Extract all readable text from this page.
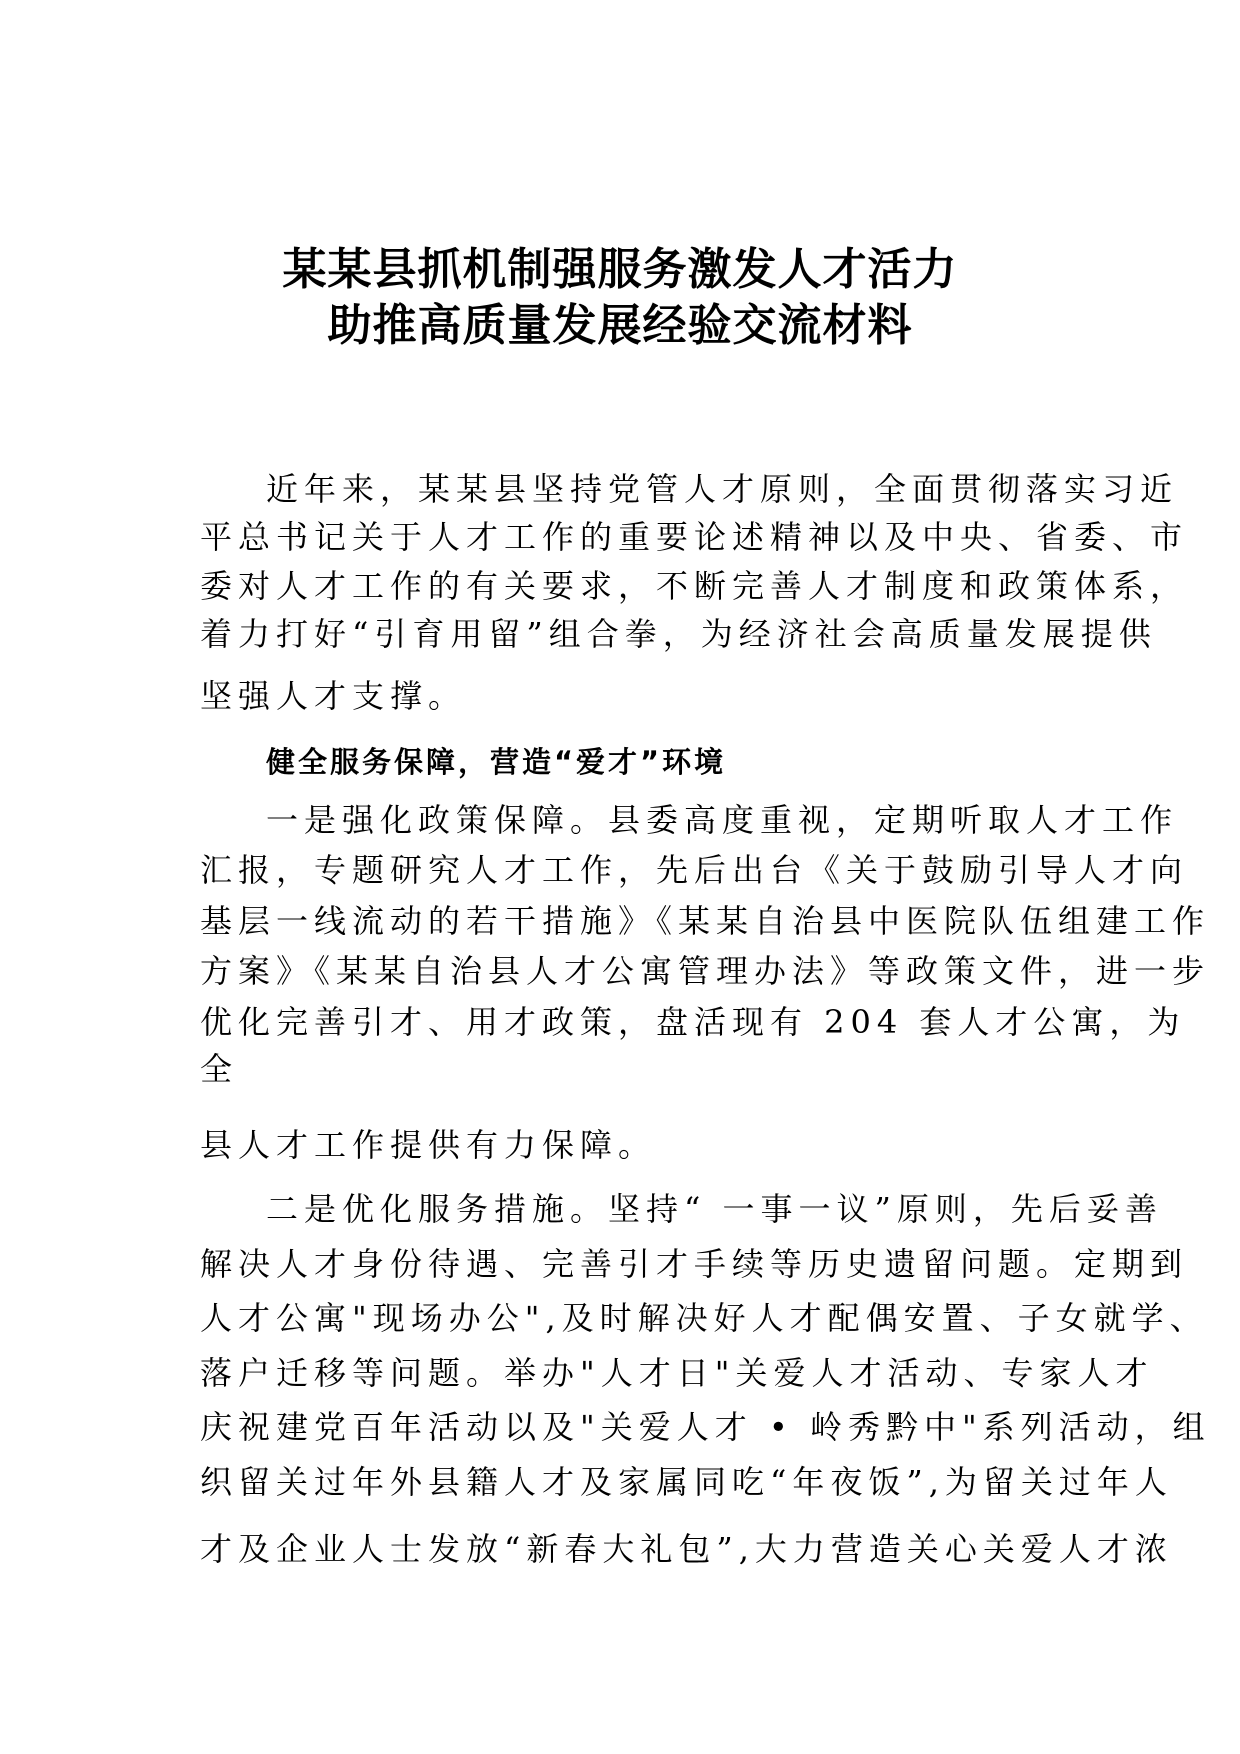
某某县抓机制强服务激发人才活力
助推高质量发展经验交流材料
近年来，某某县坚持党管人才原则，全面贯彻落实习近
平总书记关于人才工作的重要论述精神以及中央、省委、市
委对人才工作的有关要求，不断完善人才制度和政策体系，
着力打好“引育用留”组合拳，为经济社会高质量发展提供
坚强人才支撑。
健全服务保障，营造“爱才”环境
一是强化政策保障。县委高度重视，定期听取人才工作
汇报，专题研究人才工作，先后出台《关于鼓励引导人才向
基层一线流动的若干措施》《某某自治县中医院队伍组建工作
方案》《某某自治县人才公寓管理办法》等政策文件，进一步
优化完善引才、用才政策，盘活现有 204 套人才公寓，为
全
县人才工作提供有力保障。
二是优化服务措施。坚持“ 一事一议”原则，先后妥善
解决人才身份待遇、完善引才手续等历史遗留问题。定期到
人才公寓"现场办公",及时解决好人才配偶安置、子女就学、
落户迁移等问题。举办"人才日"关爱人才活动、专家人才
庆祝建党百年活动以及"关爱人才 • 岭秀黔中"系列活动，组
织留关过年外县籍人才及家属同吃“年夜饭”,为留关过年人
才及企业人士发放“新春大礼包”,大力营造关心关爱人才浓
